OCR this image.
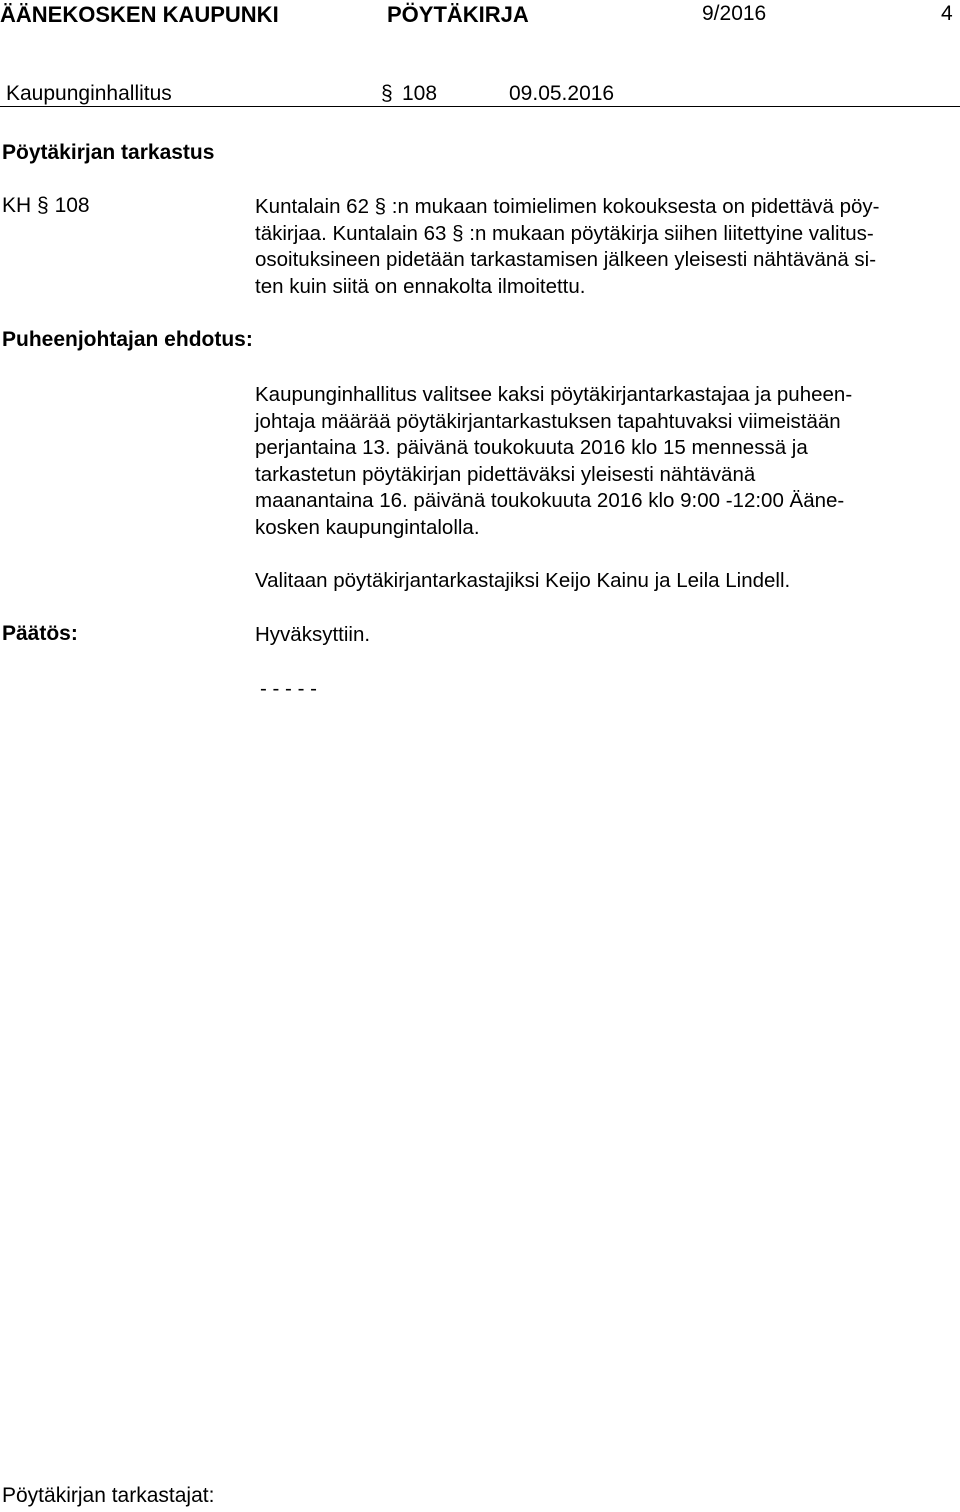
ÄÄNEKOSKEN KAUPUNKI	PÖYTÄKIRJA	9/2016	4
Kaupunginhallitus	§ 108	09.05.2016
Pöytäkirjan tarkastus
KH § 108	Kuntalain 62 § :n mukaan toimielimen kokouksesta on pidettävä pöy-
täkirjaa. Kuntalain 63 § :n mukaan pöytäkirja siihen liitettyine valitus-
osoituksineen pidetään tarkastamisen jälkeen yleisesti nähtävänä si-
ten kuin siitä on ennakolta ilmoitettu.
Puheenjohtajan ehdotus:
Kaupunginhallitus valitsee kaksi pöytäkirjantarkastajaa ja puheen-
johtaja määrää pöytäkirjantarkastuksen tapahtuvaksi viimeistään
perjantaina 13. päivänä toukokuuta 2016 klo 15 mennessä ja
tarkastetun pöytäkirjan pidettäväksi yleisesti nähtävänä
maanantaina 16. päivänä toukokuuta 2016 klo 9:00 -12:00 Ääne-
kosken kaupungintalolla.
Valitaan pöytäkirjantarkastajiksi Keijo Kainu ja Leila Lindell.
Päätös:	Hyväksyttiin.
- - - - -
Pöytäkirjan tarkastajat:
